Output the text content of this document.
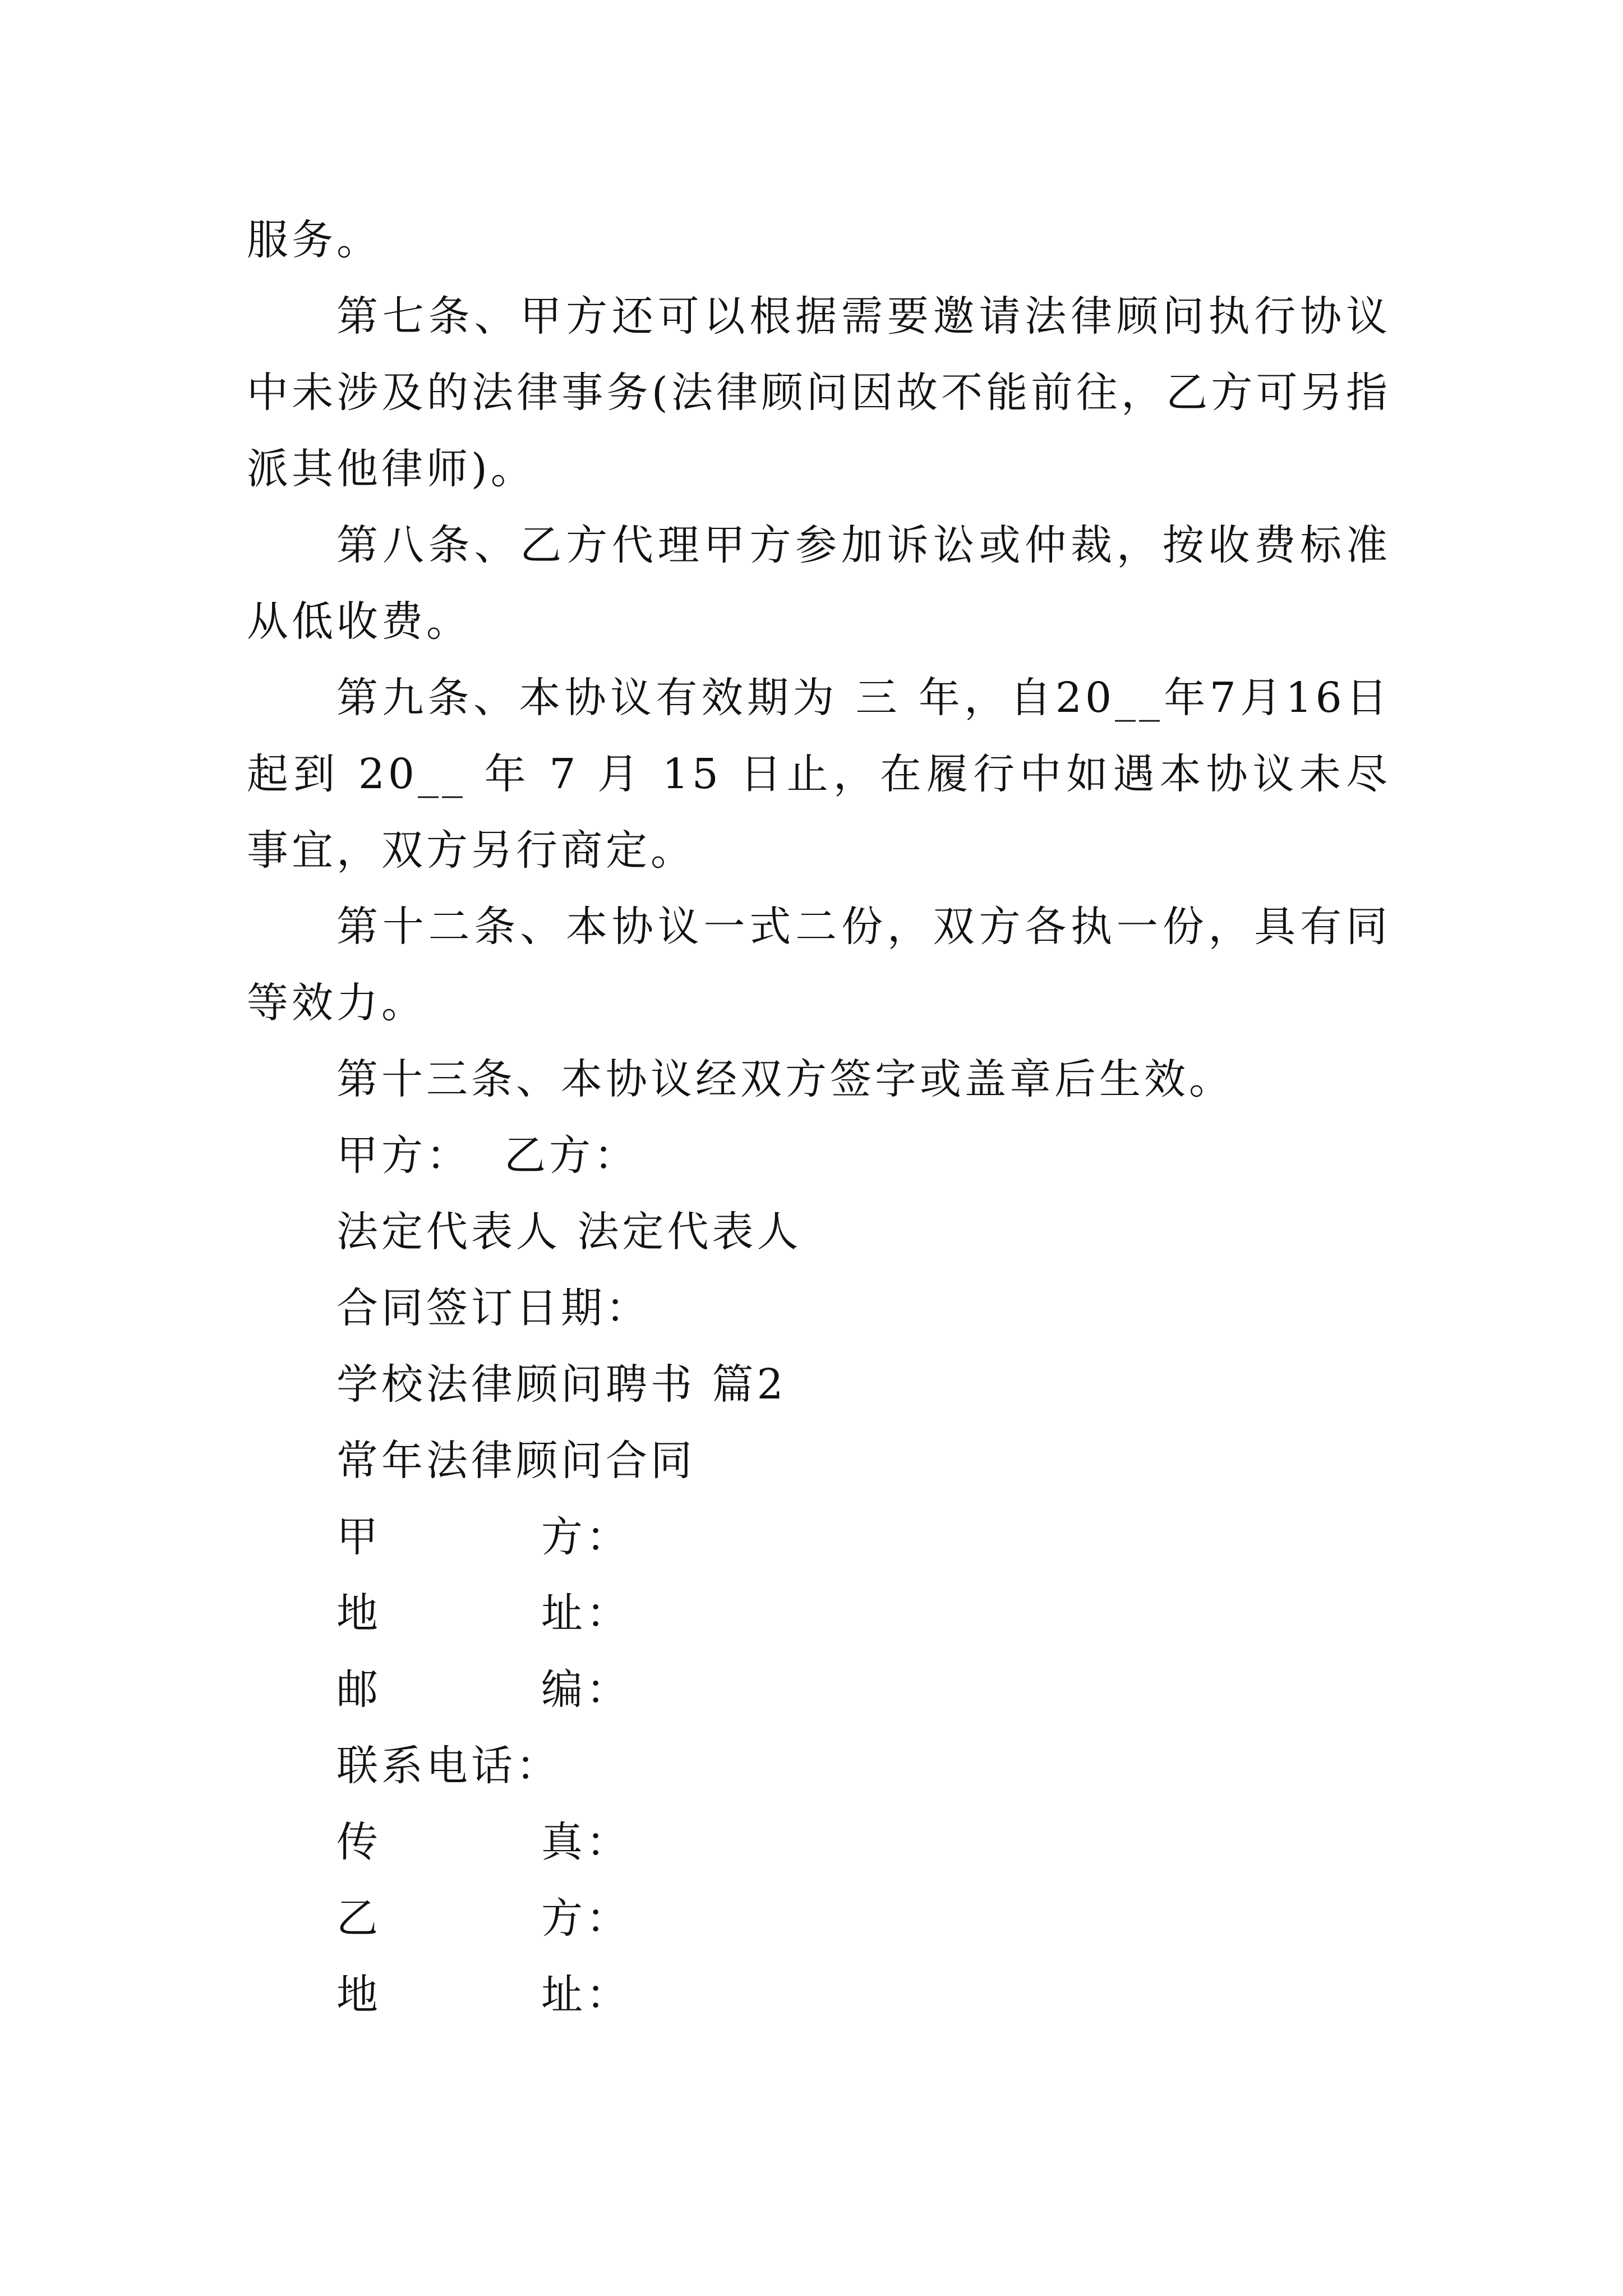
服务。

第七条、甲方还可以根据需要邀请法律顾问执行协议中未涉及的法律事务(法律顾问因故不能前往，乙方可另指派其他律师)。

第八条、乙方代理甲方参加诉讼或仲裁，按收费标准从低收费。

第九条、本协议有效期为 三 年，自20__年7月16日起到 20__ 年 7 月 15 日止，在履行中如遇本协议未尽事宜，双方另行商定。

第十二条、本协议一式二份，双方各执一份，具有同等效力。

第十三条、本协议经双方签字或盖章后生效。

甲方：  乙方：

法定代表人 法定代表人

合同签订日期：

学校法律顾问聘书 篇2

常年法律顾问合同

甲	方：
地	址：
邮	编：
联系电话：
传	真：
乙	方：
地	址：
